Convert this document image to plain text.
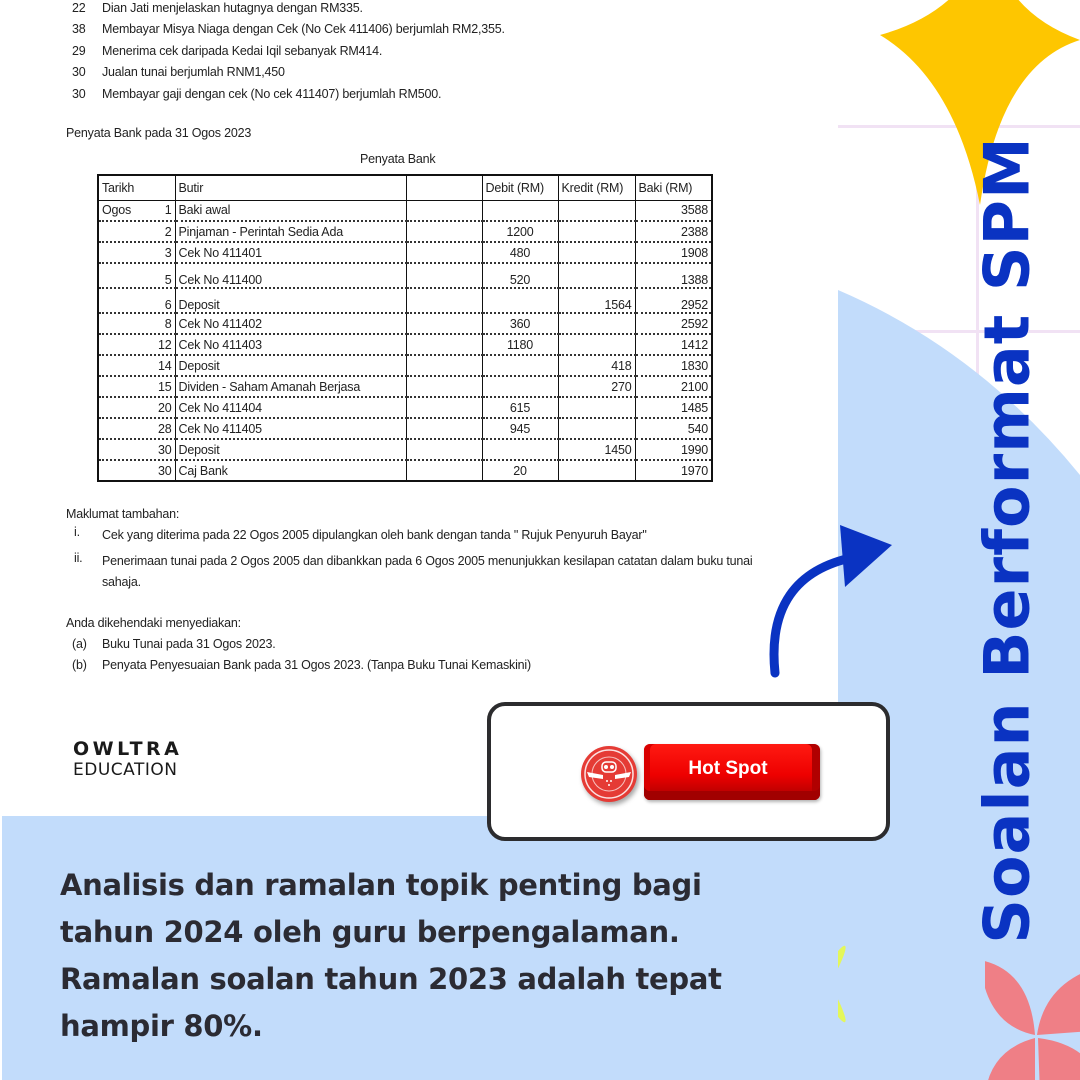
Analisis dan ramalan topik penting bagi tahun 2024 oleh guru berpengalaman. Ramalan soalan tahun 2023 adalah tepat hampir 80%.
Soalan Berformat SPM
22	Dian Jati menjelaskan hutagnya dengan RM335.
38	Membayar Misya Niaga dengan Cek (No Cek 411406) berjumlah RM2,355.
29	Menerima cek daripada Kedai Iqil sebanyak RM414.
30	Jualan tunai berjumlah RNM1,450
30	Membayar gaji dengan cek (No cek 411407) berjumlah RM500.
Penyata Bank pada 31 Ogos 2023
Penyata Bank
Tarikh	Butir		Debit (RM)	Kredit (RM)	Baki (RM)

Ogos 1	Baki awal				3588
2	Pinjaman - Perintah Sedia Ada		1200		2388
3	Cek No 411401		480		1908
5	Cek No 411400		520		1388
6	Deposit			1564	2952
8	Cek No 411402		360		2592
12	Cek No 411403		1180		1412
14	Deposit			418	1830
15	Dividen - Saham Amanah Berjasa			270	2100
20	Cek No 411404		615		1485
28	Cek No 411405		945		540
30	Deposit			1450	1990
30	Caj Bank		20		1970
Maklumat tambahan:
i.	Cek yang diterima pada 22 Ogos 2005 dipulangkan oleh bank dengan tanda " Rujuk Penyuruh Bayar"
ii.	Penerimaan tunai pada 2 Ogos 2005 dan dibankkan pada 6 Ogos 2005 menunjukkan kesilapan catatan dalam buku tunai sahaja.
Anda dikehendaki menyediakan:
(a)	Buku Tunai pada 31 Ogos 2023.
(b)	Penyata Penyesuaian Bank pada 31 Ogos 2023. (Tanpa Buku Tunai Kemaskini)
OWLTRA
EDUCATION	Hot Spot
